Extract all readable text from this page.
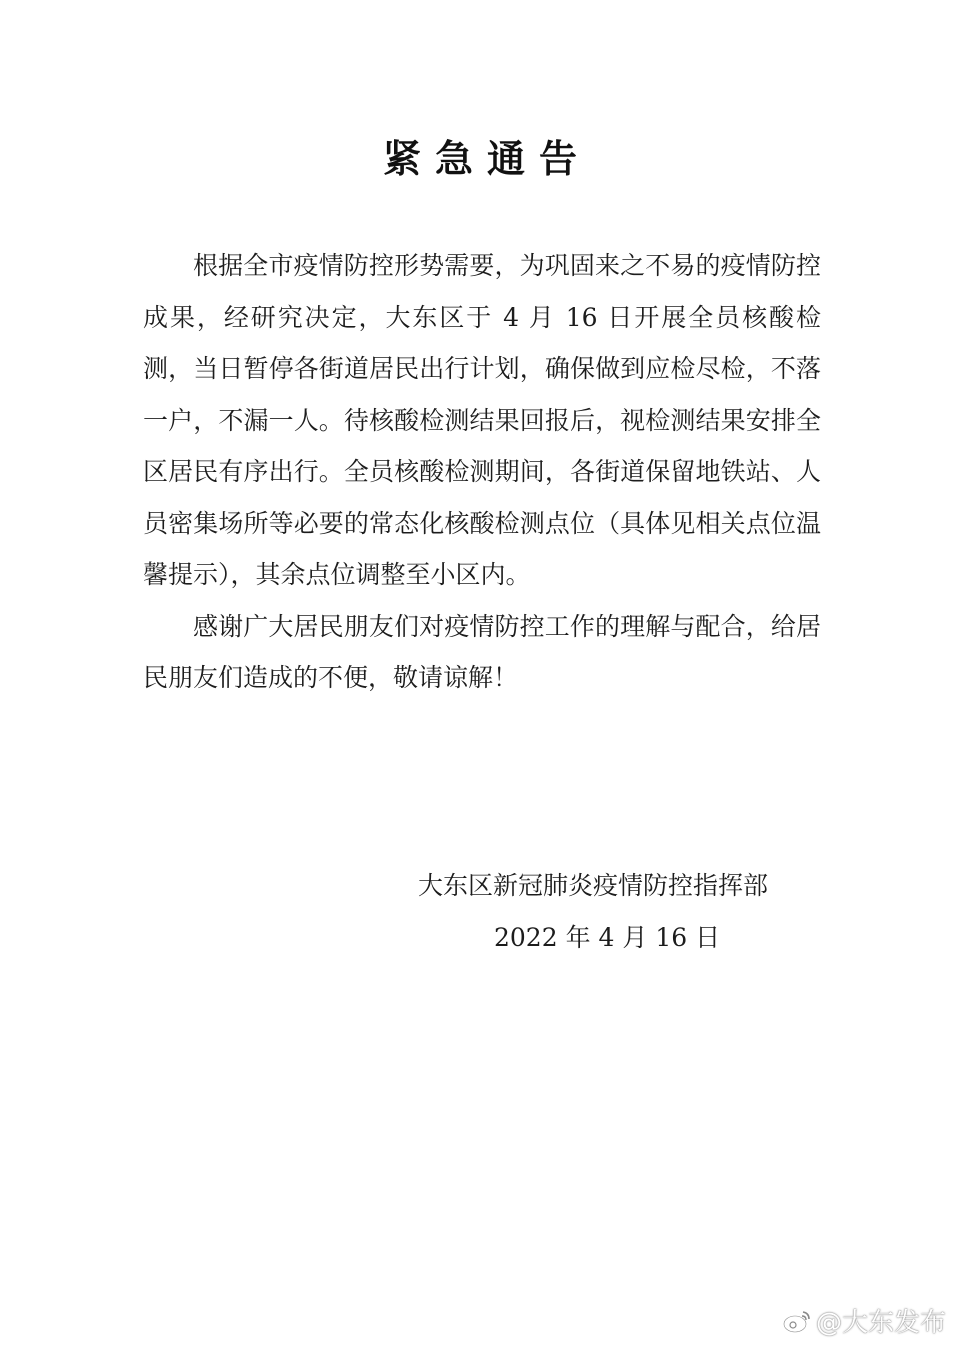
紧急通告

根据全市疫情防控形势需要，为巩固来之不易的疫情防控成果，经研究决定，大东区于 4 月 16 日开展全员核酸检测，当日暂停各街道居民出行计划，确保做到应检尽检，不落一户，不漏一人。待核酸检测结果回报后，视检测结果安排全区居民有序出行。全员核酸检测期间，各街道保留地铁站、人员密集场所等必要的常态化核酸检测点位（具体见相关点位温馨提示），其余点位调整至小区内。

感谢广大居民朋友们对疫情防控工作的理解与配合，给居民朋友们造成的不便，敬请谅解！

大东区新冠肺炎疫情防控指挥部
2022 年 4 月 16 日
@大东发布
